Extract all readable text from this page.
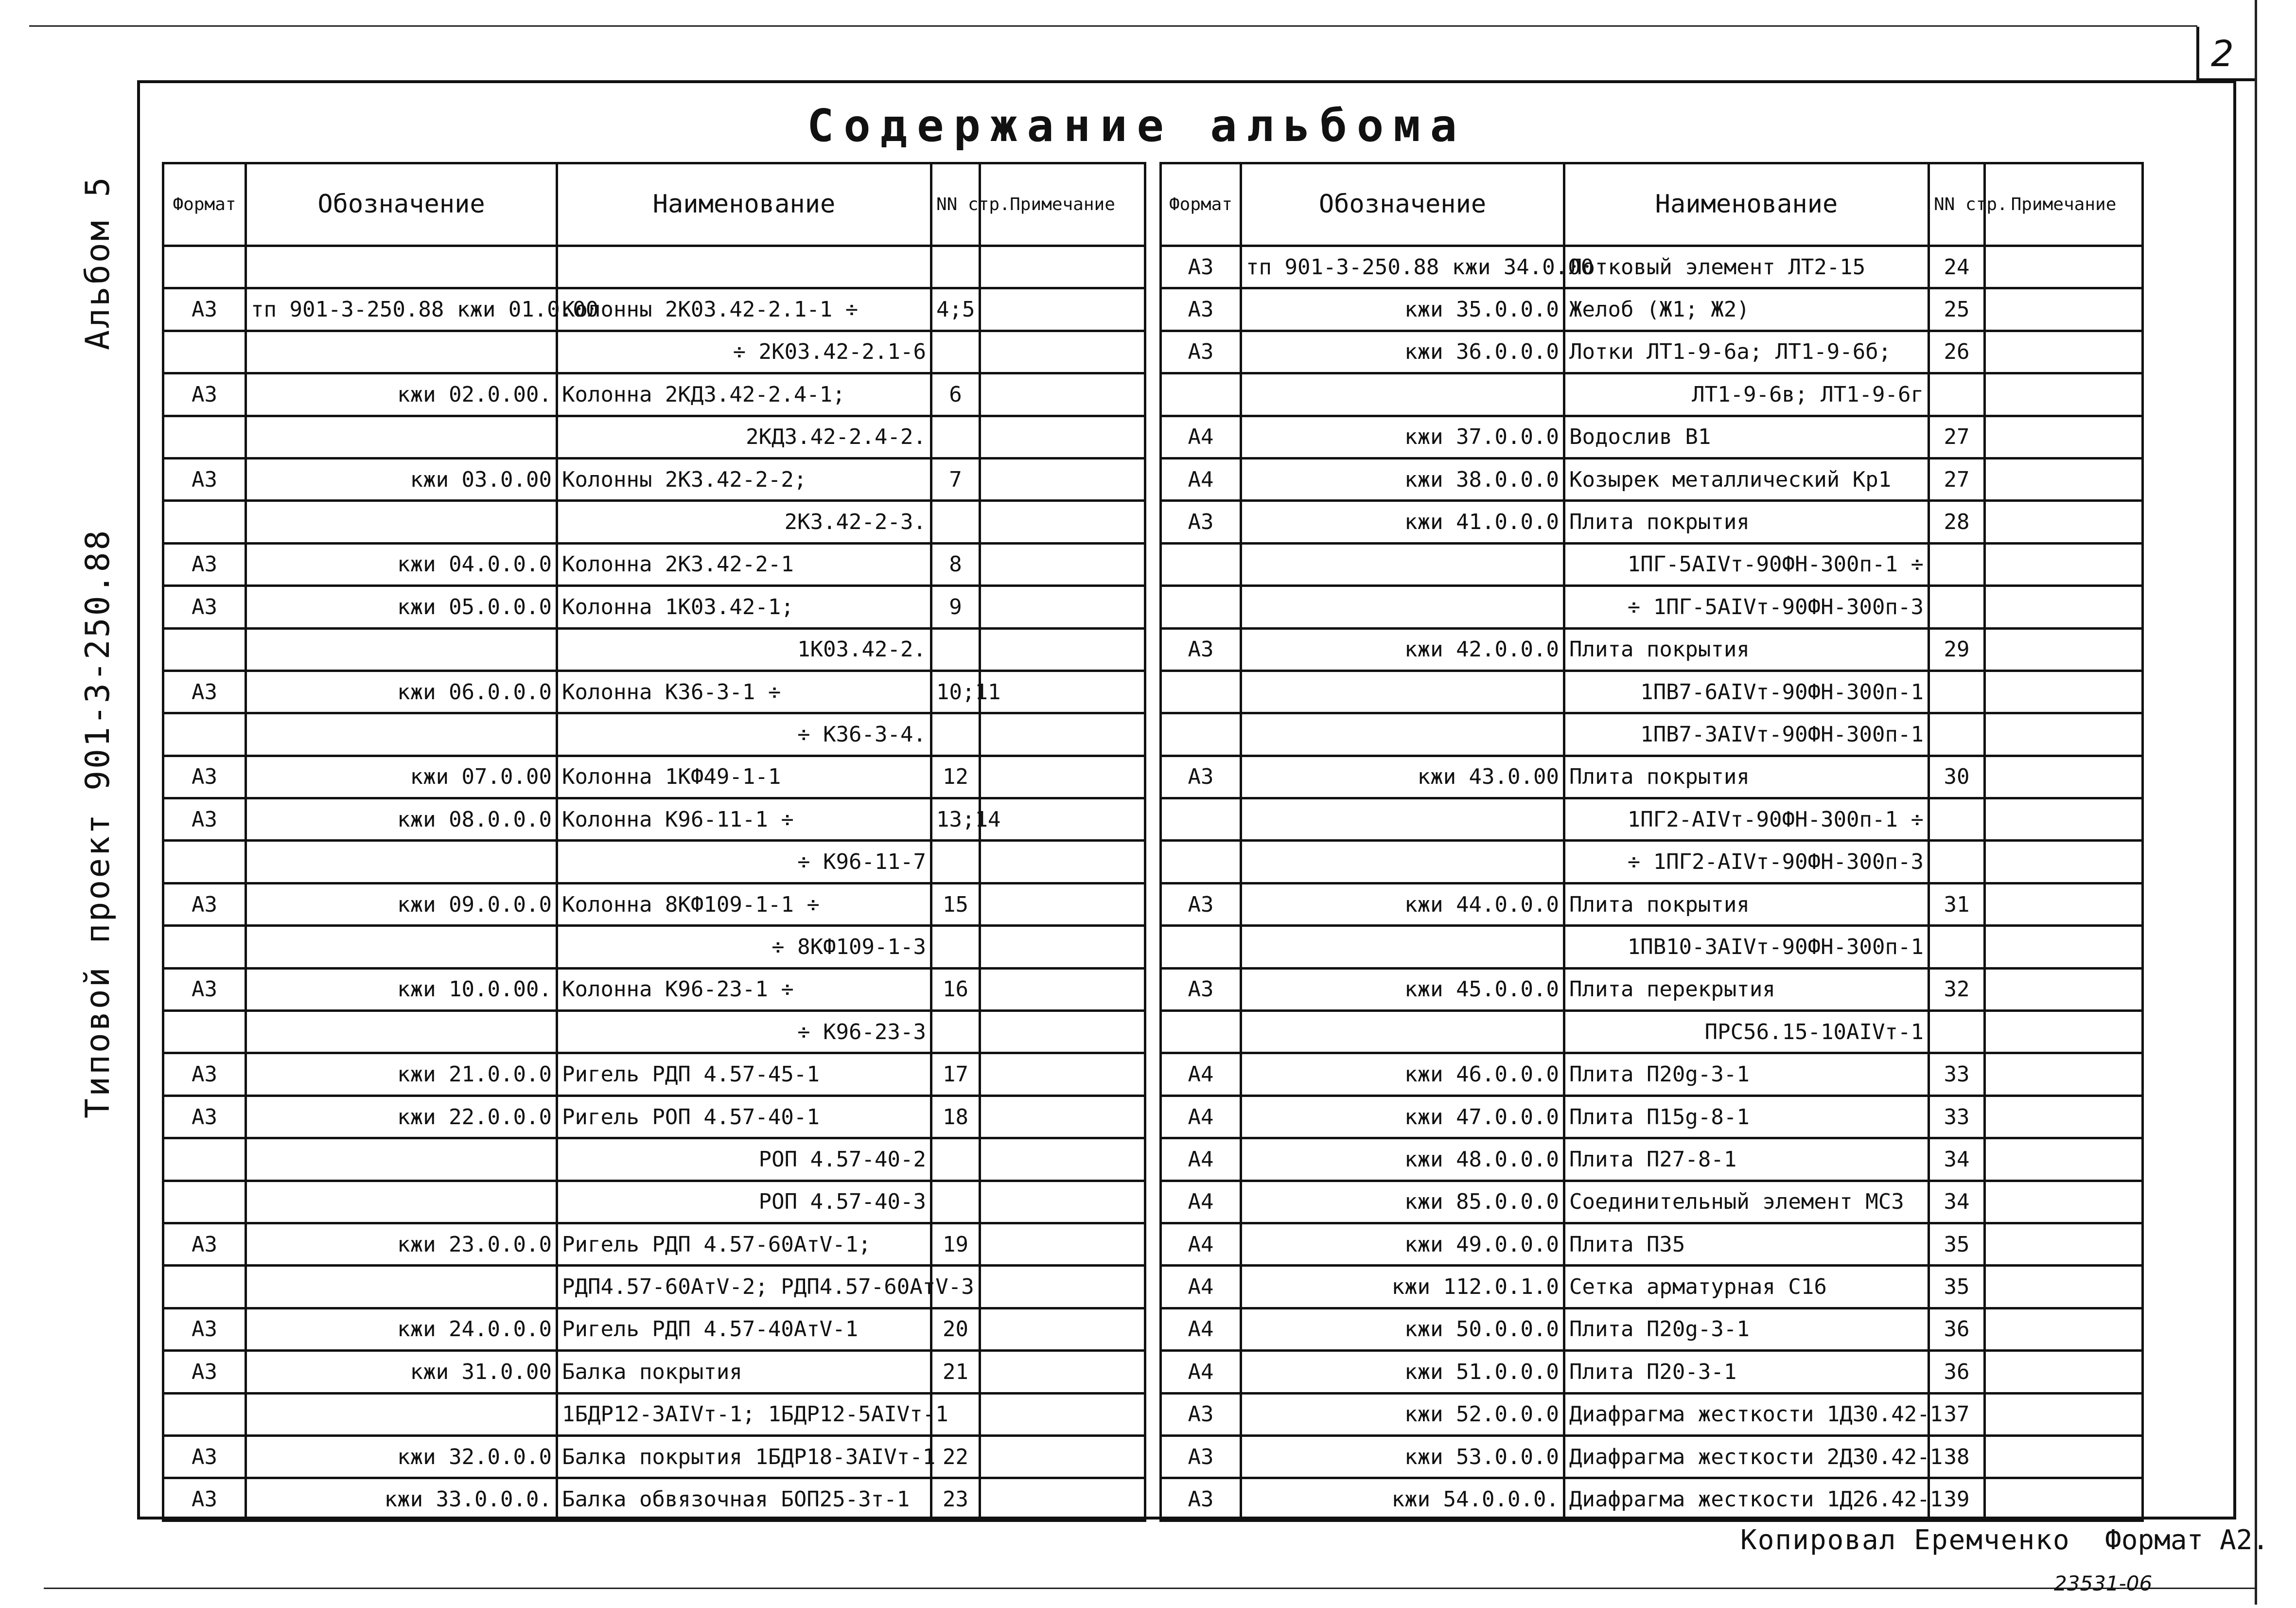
2
Альбом 5
Типовой проект 901-3-250.88
Содержание альбома
Формат	Обозначение	Наименование	NN стр.	Примечание

А3	тп 901-3-250.88 кжи 01.0.00	Колонны 2К03.42-2.1-1 ÷	4;5	
		÷ 2К03.42-2.1-6		
А3	кжи 02.0.00.	Колонна 2КД3.42-2.4-1;	6	
		2КД3.42-2.4-2.		
А3	кжи 03.0.00	Колонны 2К3.42-2-2;	7	
		2К3.42-2-3.		
А3	кжи 04.0.0.0	Колонна 2К3.42-2-1	8	
А3	кжи 05.0.0.0	Колонна 1К03.42-1;	9	
		1К03.42-2.		
А3	кжи 06.0.0.0	Колонна К36-3-1 ÷	10;11	
		÷ К36-3-4.		
А3	кжи 07.0.00	Колонна 1КФ49-1-1	12	
А3	кжи 08.0.0.0	Колонна К96-11-1 ÷	13;14	
		÷ К96-11-7		
А3	кжи 09.0.0.0	Колонна 8КФ109-1-1 ÷	15	
		÷ 8КФ109-1-3		
А3	кжи 10.0.00.	Колонна К96-23-1 ÷	16	
		÷ К96-23-3		
А3	кжи 21.0.0.0	Ригель РДП 4.57-45-1	17	
А3	кжи 22.0.0.0	Ригель РОП 4.57-40-1	18	
		РОП 4.57-40-2		
		РОП 4.57-40-3		
А3	кжи 23.0.0.0	Ригель РДП 4.57-60АтV-1;	19	
		РДП4.57-60АтV-2; РДП4.57-60АтV-3		
А3	кжи 24.0.0.0	Ригель РДП 4.57-40АтV-1	20	
А3	кжи 31.0.00	Балка покрытия	21	
		1БДР12-3АIVт-1; 1БДР12-5АIVт-1		
А3	кжи 32.0.0.0	Балка покрытия 1БДР18-3АIVт-1	22	
А3	кжи 33.0.0.0.	Балка обвязочная БОП25-3т-1	23	
Формат	Обозначение	Наименование	NN стр.	Примечание
А3	тп 901-3-250.88 кжи 34.0.00	Лотковый элемент ЛТ2-15	24	
А3	кжи 35.0.0.0	Желоб (Ж1; Ж2)	25	
А3	кжи 36.0.0.0	Лотки ЛТ1-9-6а; ЛТ1-9-6б;	26	
		ЛТ1-9-6в; ЛТ1-9-6г		
А4	кжи 37.0.0.0	Водослив В1	27	
А4	кжи 38.0.0.0	Козырек металлический Кр1	27	
А3	кжи 41.0.0.0	Плита покрытия	28	
		1ПГ-5АIVт-90ФН-300п-1 ÷		
		÷ 1ПГ-5АIVт-90ФН-300п-3		
А3	кжи 42.0.0.0	Плита покрытия	29	
		1ПВ7-6АIVт-90ФН-300п-1		
		1ПВ7-3АIVт-90ФН-300п-1		
А3	кжи 43.0.00	Плита покрытия	30	
		1ПГ2-АIVт-90ФН-300п-1 ÷		
		÷ 1ПГ2-АIVт-90ФН-300п-3		
А3	кжи 44.0.0.0	Плита покрытия	31	
		1ПВ10-3АIVт-90ФН-300п-1		
А3	кжи 45.0.0.0	Плита перекрытия	32	
		ПРС56.15-10АIVт-1		
А4	кжи 46.0.0.0	Плита П20g-3-1	33	
А4	кжи 47.0.0.0	Плита П15g-8-1	33	
А4	кжи 48.0.0.0	Плита П27-8-1	34	
А4	кжи 85.0.0.0	Соединительный элемент МС3	34	
А4	кжи 49.0.0.0	Плита П35	35	
А4	кжи 112.0.1.0	Сетка арматурная С16	35	
А4	кжи 50.0.0.0	Плита П20g-3-1	36	
А4	кжи 51.0.0.0	Плита П20-3-1	36	
А3	кжи 52.0.0.0	Диафрагма жесткости 1Д30.42-1	37	
А3	кжи 53.0.0.0	Диафрагма жесткости 2Д30.42-1	38	
А3	кжи 54.0.0.0.	Диафрагма жесткости 1Д26.42-1	39	
Копировал Еремченко Формат А2.
23531-06
